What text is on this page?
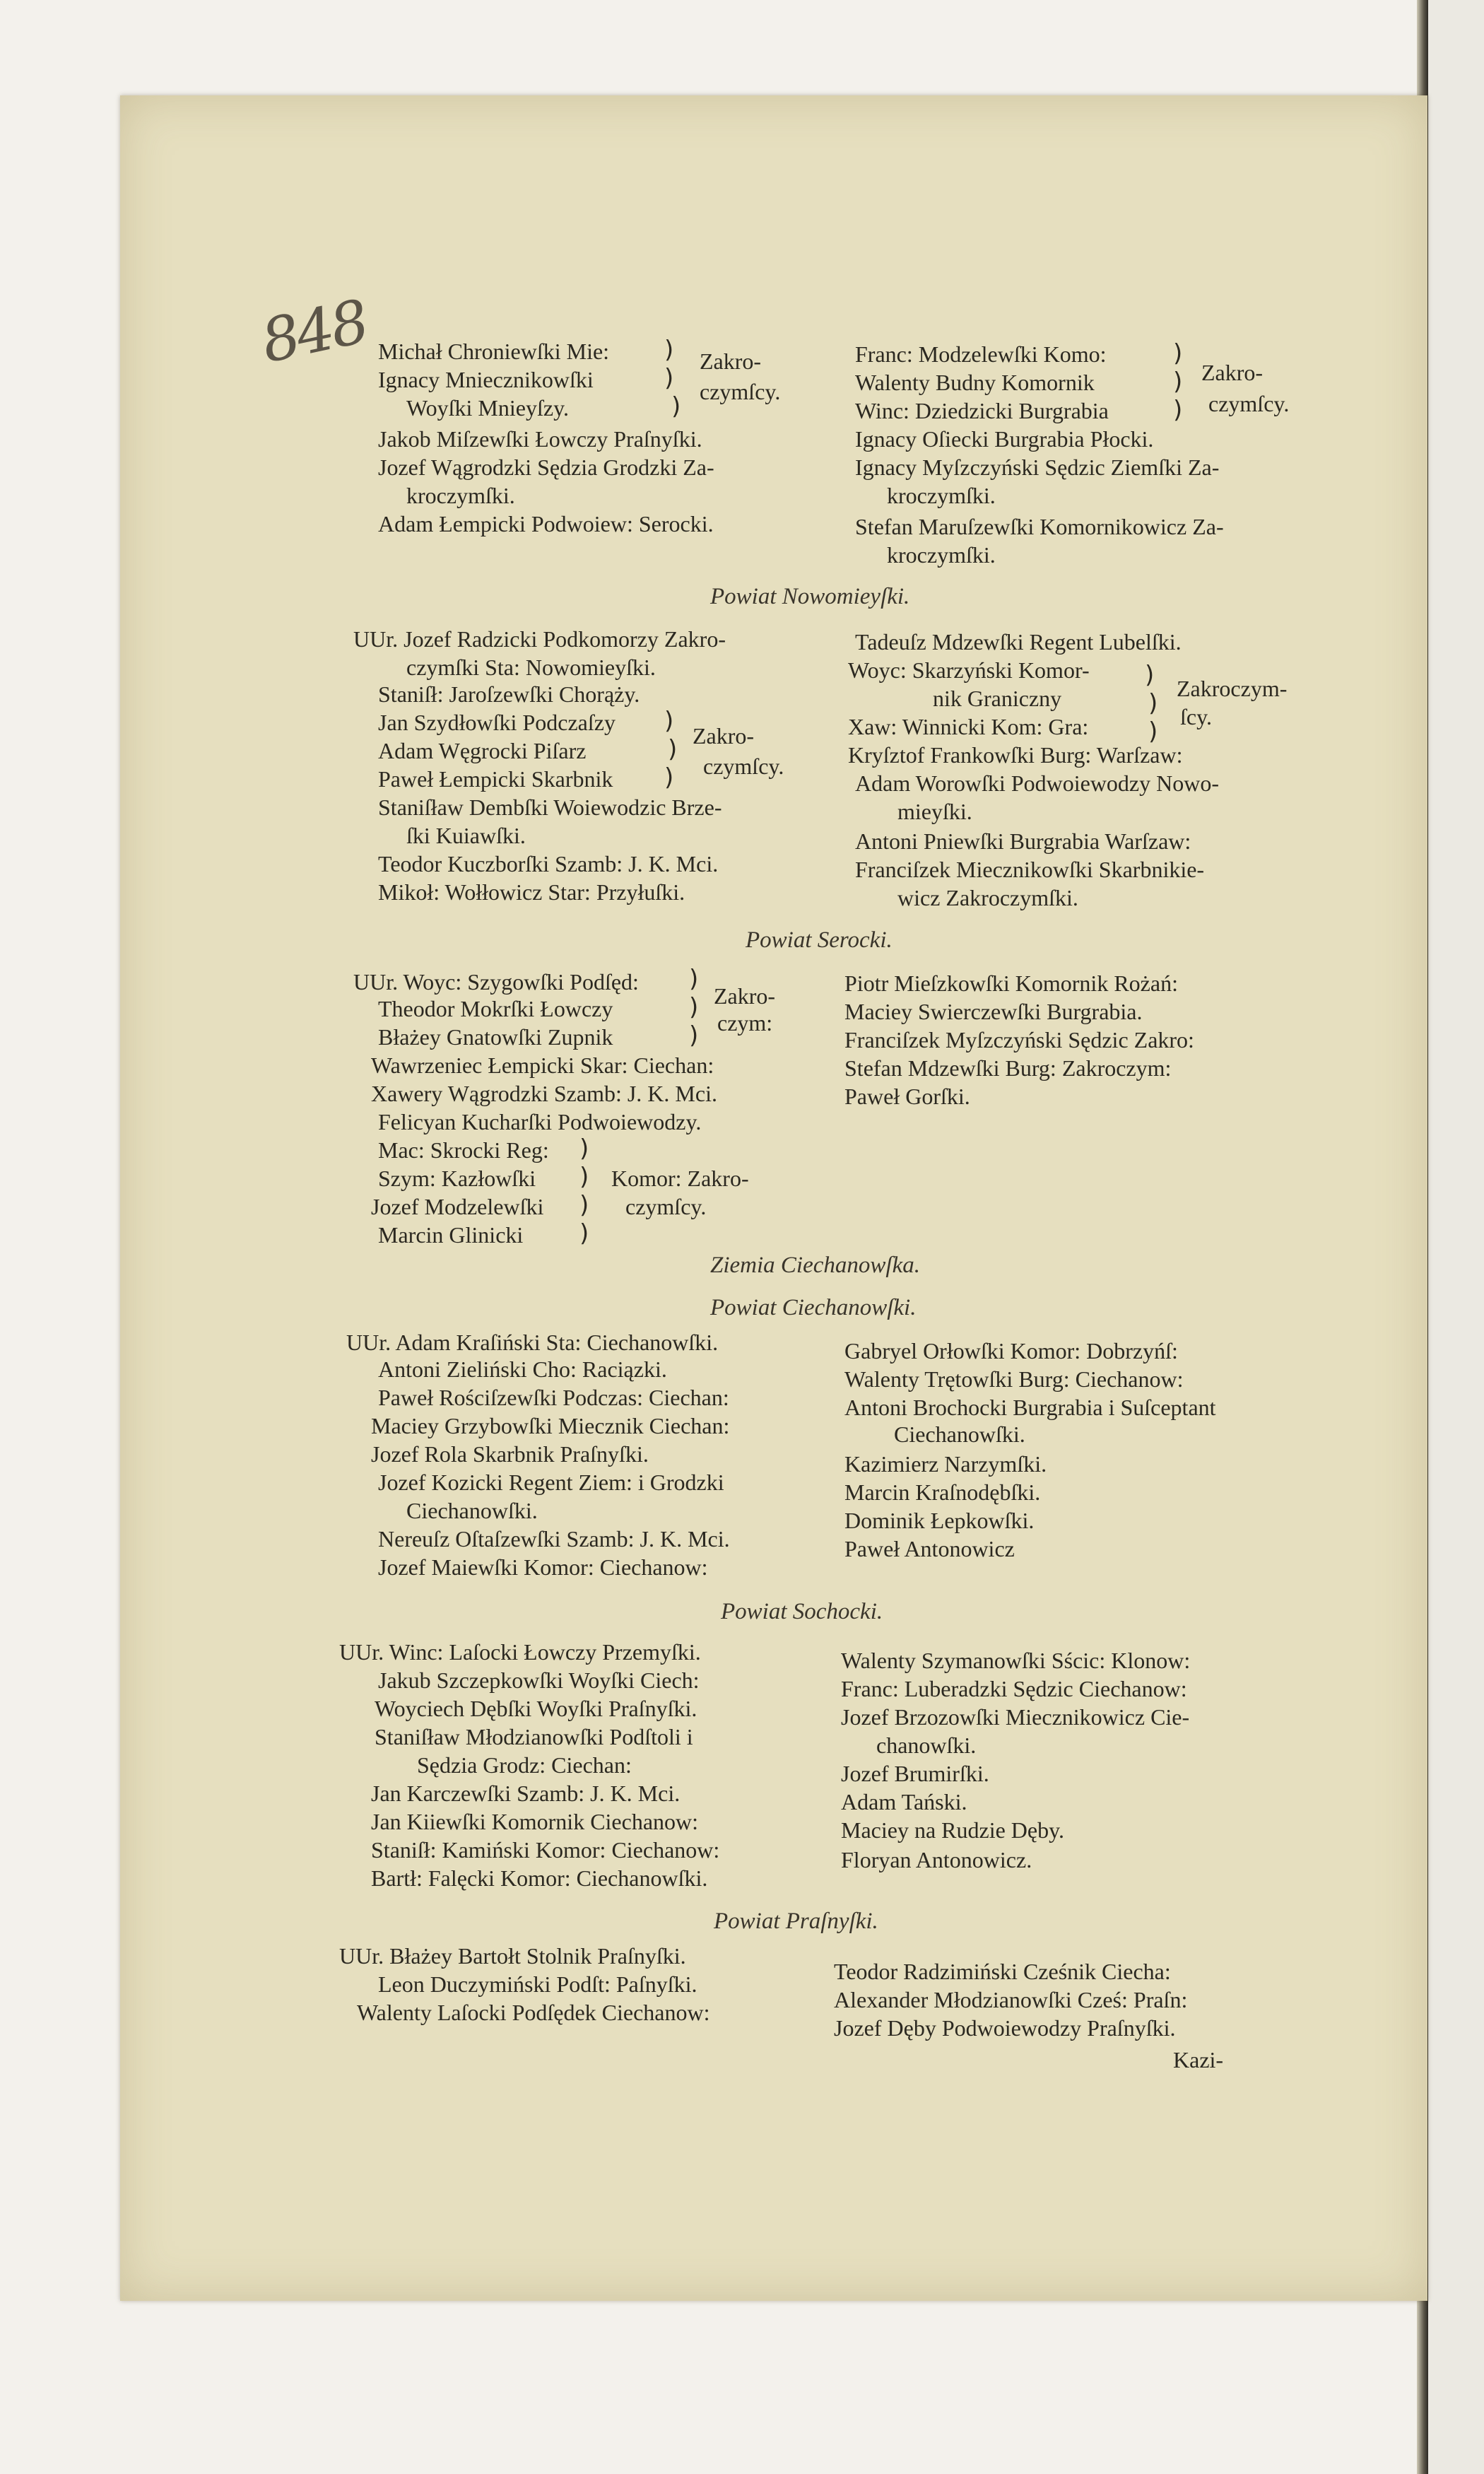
848 Michał Chroniewſki Mie:
Ignacy Mniecznikowſki
Woyſki Mnieyſzy.
Jakob Miſzewſki Łowczy Praſnyſki.
Jozef Wągrodzki Sędzia Grodzki Za-
kroczymſki.
Adam Łempicki Podwoiew: Serocki.
Zakro-
czymſcy.
)
)
)
Franc: Modzelewſki Komo:
Walenty Budny Komornik
Winc: Dziedzicki Burgrabia
Ignacy Oſiecki Burgrabia Płocki.
Ignacy Myſzczyński Sędzic Ziemſki Za-
kroczymſki.
Stefan Maruſzewſki Komornikowicz Za-
kroczymſki.
Zakro-
czymſcy.
)
)
)
Powiat Nowomieyſki.
UUr. Jozef Radzicki Podkomorzy Zakro-
czymſki Sta: Nowomieyſki.
Staniſł: Jaroſzewſki Chorąży.
Jan Szydłowſki Podczaſzy
Adam Węgrocki Piſarz
Paweł Łempicki Skarbnik
Staniſław Dembſki Woiewodzic Brze-
ſki Kuiawſki.
Teodor Kuczborſki Szamb: J. K. Mci.
Mikoł: Wołłowicz Star: Przyłuſki.
Zakro-
czymſcy.
)
)
)
Tadeuſz Mdzewſki Regent Lubelſki.
Woyc: Skarzyński Komor-
nik Graniczny
Xaw: Winnicki Kom: Gra:
Kryſztof Frankowſki Burg: Warſzaw:
Adam Worowſki Podwoiewodzy Nowo-
mieyſki.
Antoni Pniewſki Burgrabia Warſzaw:
Franciſzek Miecznikowſki Skarbnikie-
wicz Zakroczymſki.
Zakroczym-
ſcy.
)
)
)
Powiat Serocki.
UUr. Woyc: Szygowſki Podſęd:
Theodor Mokrſki Łowczy
Błażey Gnatowſki Zupnik
Wawrzeniec Łempicki Skar: Ciechan:
Xawery Wągrodzki Szamb: J. K. Mci.
Felicyan Kucharſki Podwoiewodzy.
Mac: Skrocki Reg:
Szym: Kazłowſki
Jozef Modzelewſki
Marcin Glinicki
Zakro-
czym:
)
)
)
Komor: Zakro-
czymſcy.
)
)
)
)
Piotr Mieſzkowſki Komornik Rożań:
Maciey Swierczewſki Burgrabia.
Franciſzek Myſzczyński Sędzic Zakro:
Stefan Mdzewſki Burg: Zakroczym:
Paweł Gorſki.
Ziemia Ciechanowſka.
Powiat Ciechanowſki.
UUr. Adam Kraſiński Sta: Ciechanowſki.
Antoni Zieliński Cho: Raciązki.
Paweł Rościſzewſki Podczas: Ciechan:
Maciey Grzybowſki Miecznik Ciechan:
Jozef Rola Skarbnik Praſnyſki.
Jozef Kozicki Regent Ziem: i Grodzki
Ciechanowſki.
Nereuſz Oſtaſzewſki Szamb: J. K. Mci.
Jozef Maiewſki Komor: Ciechanow:
Gabryel Orłowſki Komor: Dobrzyńſ:
Walenty Trętowſki Burg: Ciechanow:
Antoni Brochocki Burgrabia i Suſceptant
Ciechanowſki.
Kazimierz Narzymſki.
Marcin Kraſnodębſki.
Dominik Łepkowſki.
Paweł Antonowicz
Powiat Sochocki.
UUr. Winc: Laſocki Łowczy Przemyſki.
Jakub Szczepkowſki Woyſki Ciech:
Woyciech Dębſki Woyſki Praſnyſki.
Staniſław Młodzianowſki Podſtoli i
Sędzia Grodz: Ciechan:
Jan Karczewſki Szamb: J. K. Mci.
Jan Kiiewſki Komornik Ciechanow:
Staniſł: Kamiński Komor: Ciechanow:
Bartł: Falęcki Komor: Ciechanowſki.
Walenty Szymanowſki Sścic: Klonow:
Franc: Luberadzki Sędzic Ciechanow:
Jozef Brzozowſki Miecznikowicz Cie-
chanowſki.
Jozef Brumirſki.
Adam Tański.
Maciey na Rudzie Dęby.
Floryan Antonowicz.
Powiat Praſnyſki.
UUr. Błażey Bartołt Stolnik Praſnyſki.
Leon Duczymiński Podſt: Paſnyſki.
Walenty Laſocki Podſędek Ciechanow:
Teodor Radzimiński Cześnik Ciecha:
Alexander Młodzianowſki Cześ: Praſn:
Jozef Dęby Podwoiewodzy Praſnyſki.
Kazi-
